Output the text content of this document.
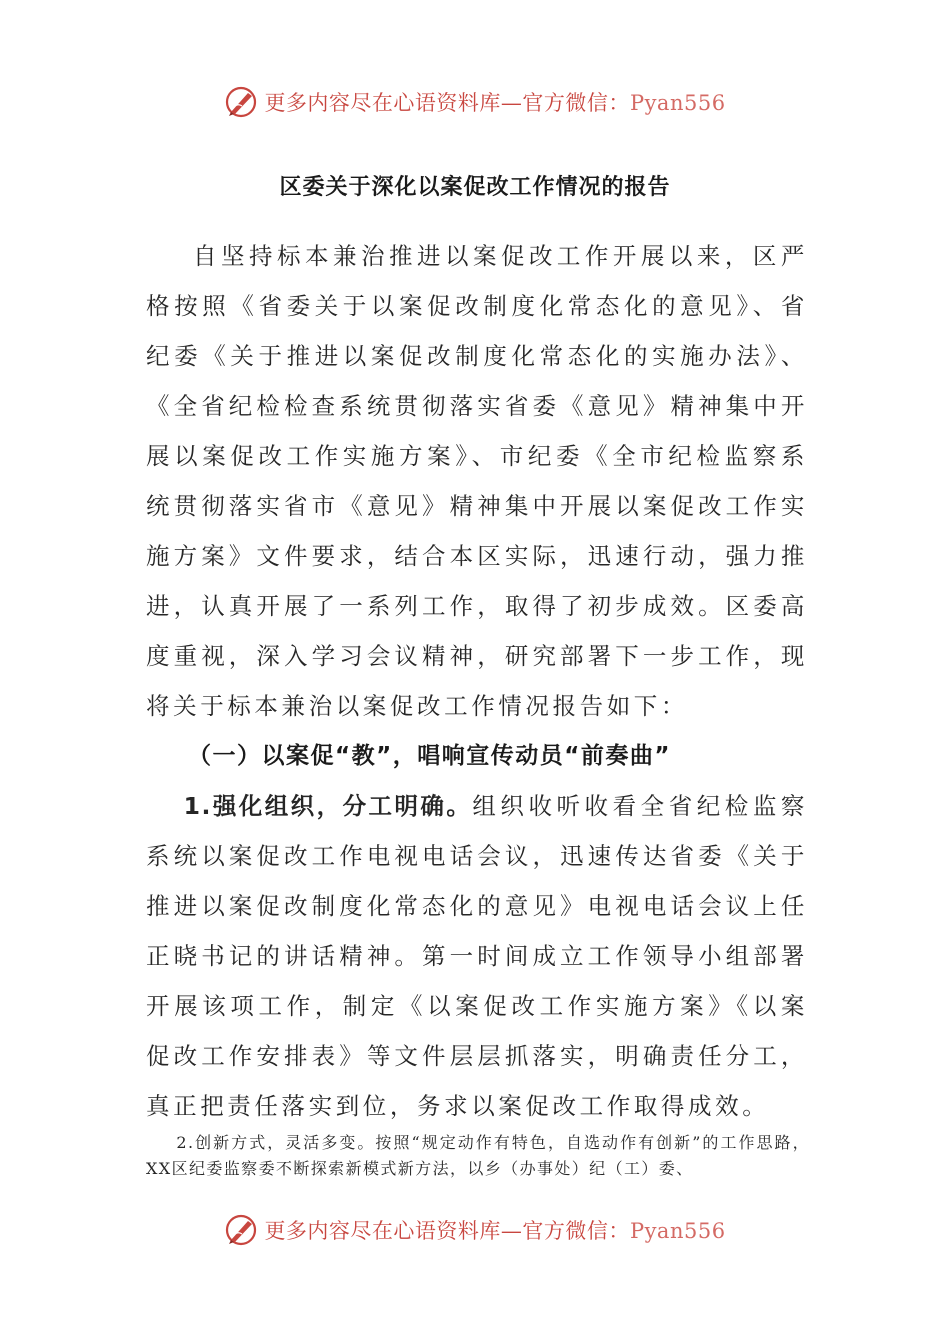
更多内容尽在心语资料库—官方微信：Pyan556
区委关于深化以案促改工作情况的报告
自坚持标本兼治推进以案促改工作开展以来，区严格按照《省委关于以案促改制度化常态化的意见》、省纪委《关于推进以案促改制度化常态化的实施办法》、《全省纪检检查系统贯彻落实省委《意见》精神集中开展以案促改工作实施方案》、市纪委《全市纪检监察系统贯彻落实省市《意见》精神集中开展以案促改工作实施方案》文件要求，结合本区实际，迅速行动，强力推进，认真开展了一系列工作，取得了初步成效。区委高度重视，深入学习会议精神，研究部署下一步工作，现将关于标本兼治以案促改工作情况报告如下：
（一）以案促“教”，唱响宣传动员“前奏曲”
1.强化组织，分工明确。组织收听收看全省纪检监察系统以案促改工作电视电话会议，迅速传达省委《关于推进以案促改制度化常态化的意见》电视电话会议上任正晓书记的讲话精神。第一时间成立工作领导小组部署开展该项工作，制定《以案促改工作实施方案》《以案促改工作安排表》等文件层层抓落实，明确责任分工，真正把责任落实到位，务求以案促改工作取得成效。
2.创新方式，灵活多变。按照“规定动作有特色，自选动作有创新”的工作思路，XX区纪委监察委不断探索新模式新方法，以乡（办事处）纪（工）委、
更多内容尽在心语资料库—官方微信：Pyan556
